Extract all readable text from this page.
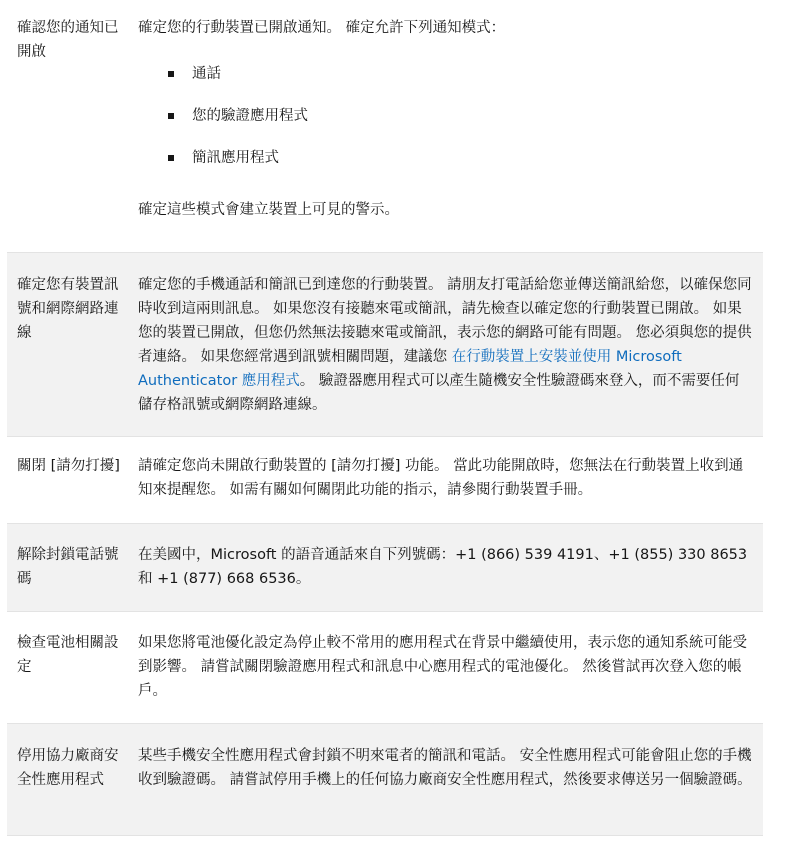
確認您的通知已開啟

確定您的行動裝置已開啟通知。 確定允許下列通知模式：

通話
您的驗證應用程式
簡訊應用程式

確定這些模式會建立裝置上可見的警示。

確定您有裝置訊號和網際網路連線

確定您的手機通話和簡訊已到達您的行動裝置。 請朋友打電話給您並傳送簡訊給您，以確保您同時收到這兩則訊息。 如果您沒有接聽來電或簡訊，請先檢查以確定您的行動裝置已開啟。 如果您的裝置已開啟，但您仍然無法接聽來電或簡訊，表示您的網路可能有問題。 您必須與您的提供者連絡。 如果您經常遇到訊號相關問題，建議您 在行動裝置上安裝並使用 Microsoft Authenticator 應用程式。 驗證器應用程式可以產生隨機安全性驗證碼來登入，而不需要任何儲存格訊號或網際網路連線。

關閉 [請勿打擾]	請確定您尚未開啟行動裝置的 [請勿打擾] 功能。 當此功能開啟時，您無法在行動裝置上收到通知來提醒您。 如需有關如何關閉此功能的指示，請參閱行動裝置手冊。

解除封鎖電話號碼

在美國中，Microsoft 的語音通話來自下列號碼：+1 (866) 539 4191、+1 (855) 330 8653 和 +1 (877) 668 6536。

檢查電池相關設定

如果您將電池優化設定為停止較不常用的應用程式在背景中繼續使用，表示您的通知系統可能受到影響。 請嘗試關閉驗證應用程式和訊息中心應用程式的電池優化。 然後嘗試再次登入您的帳戶。

停用協力廠商安全性應用程式

某些手機安全性應用程式會封鎖不明來電者的簡訊和電話。 安全性應用程式可能會阻止您的手機收到驗證碼。 請嘗試停用手機上的任何協力廠商安全性應用程式，然後要求傳送另一個驗證碼。
